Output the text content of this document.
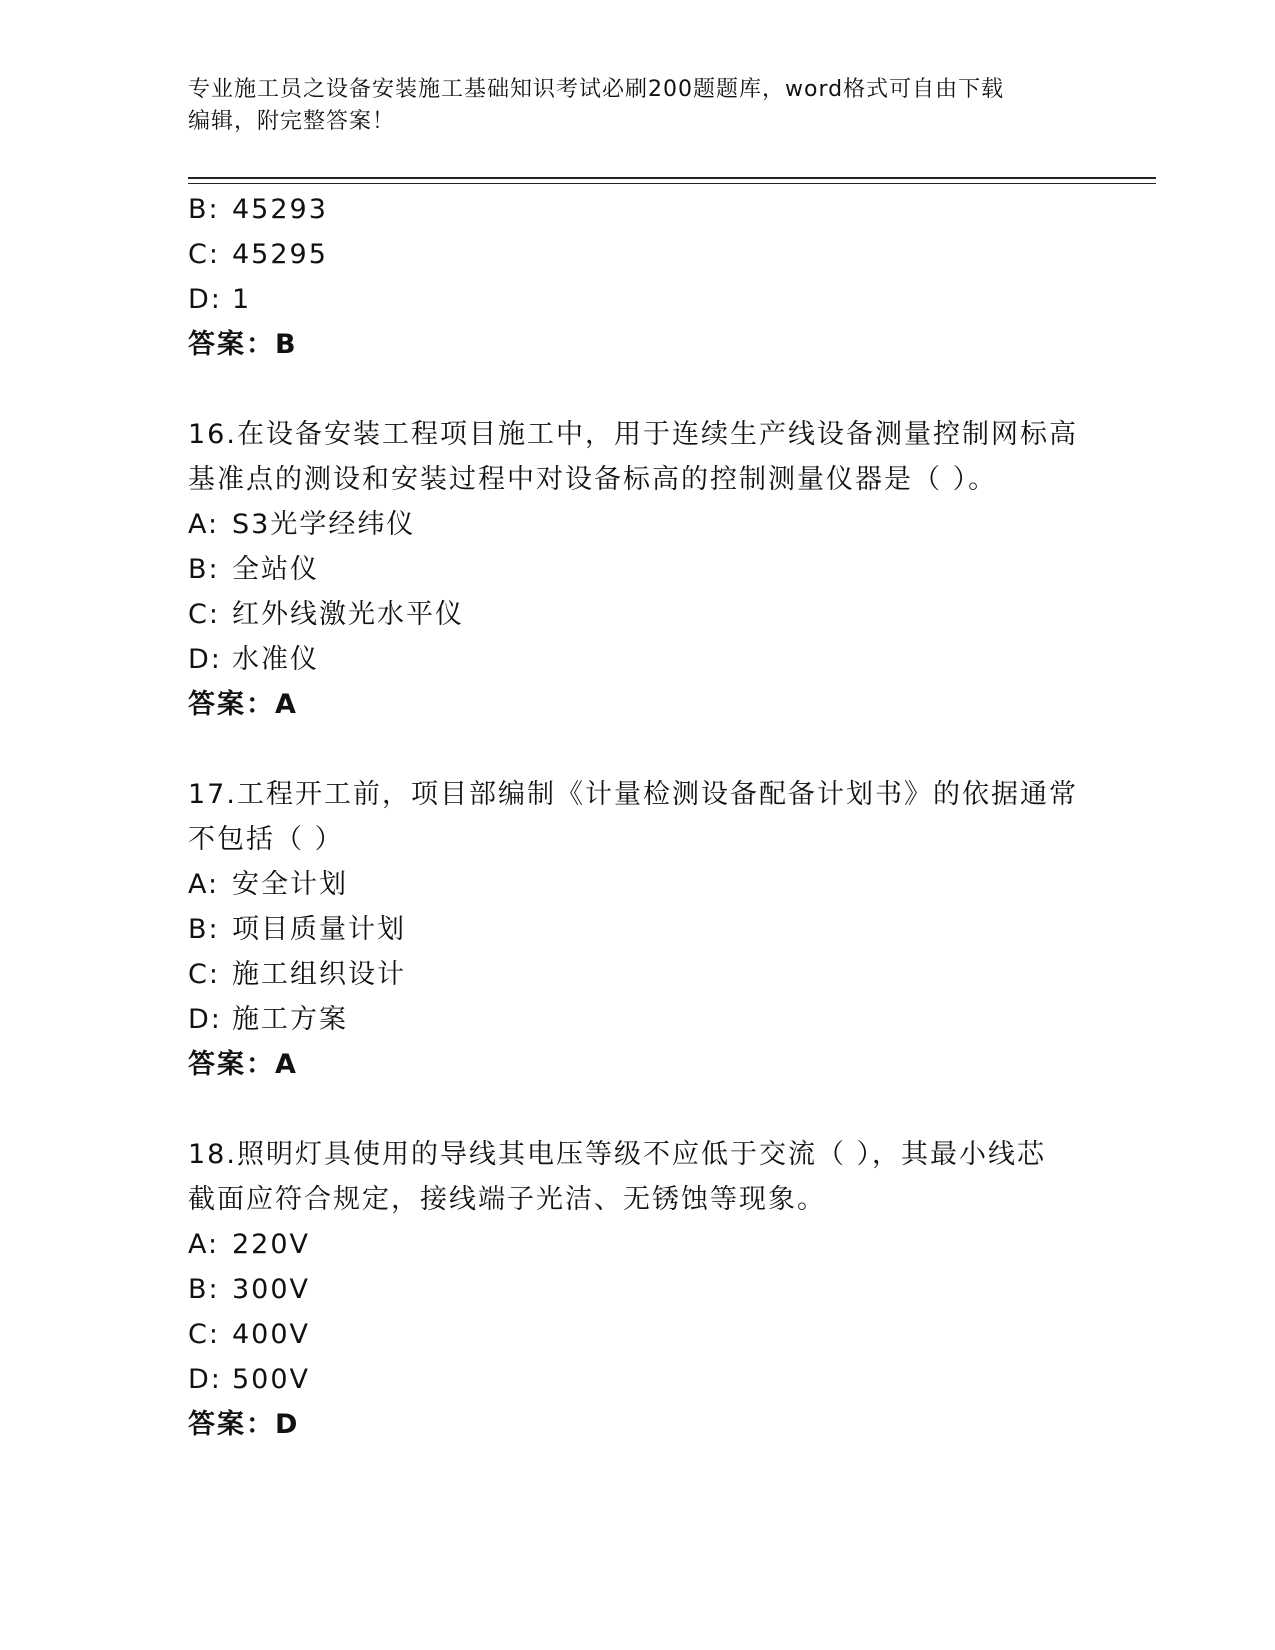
专业施工员之设备安装施工基础知识考试必刷200题题库，word格式可自由下载
编辑，附完整答案！
B: 45293
C: 45295
D: 1
答案：B
16.在设备安装工程项目施工中，用于连续生产线设备测量控制网标高
基准点的测设和安装过程中对设备标高的控制测量仪器是（ ）。
A: S3光学经纬仪
B: 全站仪
C: 红外线激光水平仪
D: 水准仪
答案：A
17.工程开工前，项目部编制《计量检测设备配备计划书》的依据通常
不包括（ ）
A: 安全计划
B: 项目质量计划
C: 施工组织设计
D: 施工方案
答案：A
18.照明灯具使用的导线其电压等级不应低于交流（ ），其最小线芯
截面应符合规定，接线端子光洁、无锈蚀等现象。
A: 220V
B: 300V
C: 400V
D: 500V
答案：D
